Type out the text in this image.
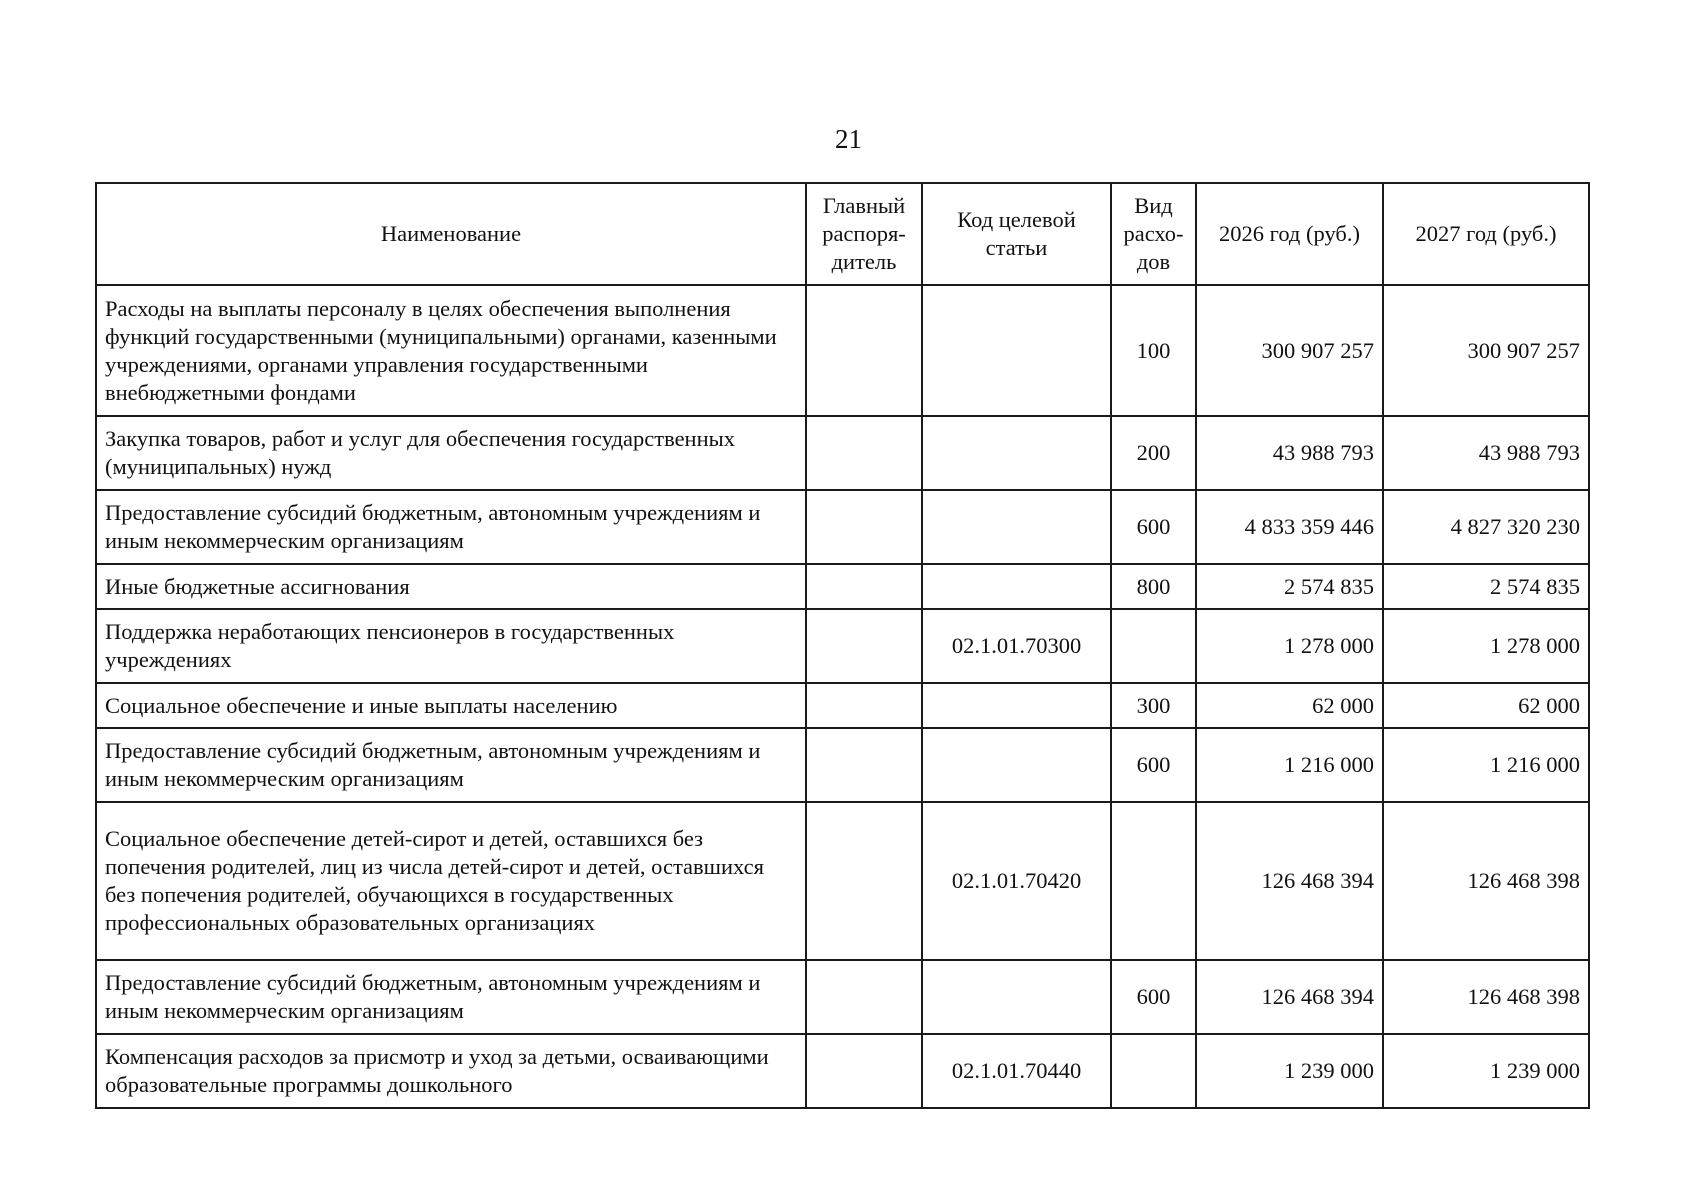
21
Наименование	Главный распоря-дитель	Код целевой статьи	Вид расхо-дов	2026 год (руб.)	2027 год (руб.)
Расходы на выплаты персоналу в целях обеспечения выполнения функций государственными (муниципальными) органами, казенными учреждениями, органами управления государственными внебюджетными фондами			100	300 907 257	300 907 257
Закупка товаров, работ и услуг для обеспечения государственных (муниципальных) нужд			200	43 988 793	43 988 793
Предоставление субсидий бюджетным, автономным учреждениям и иным некоммерческим организациям			600	4 833 359 446	4 827 320 230
Иные бюджетные ассигнования			800	2 574 835	2 574 835
Поддержка неработающих пенсионеров в государственных учреждениях		02.1.01.70300		1 278 000	1 278 000
Социальное обеспечение и иные выплаты населению			300	62 000	62 000
Предоставление субсидий бюджетным, автономным учреждениям и иным некоммерческим организациям			600	1 216 000	1 216 000
Социальное обеспечение детей-сирот и детей, оставшихся без попечения родителей, лиц из числа детей-сирот и детей, оставшихся без попечения родителей, обучающихся в государственных профессиональных образовательных организациях		02.1.01.70420		126 468 394	126 468 398
Предоставление субсидий бюджетным, автономным учреждениям и иным некоммерческим организациям			600	126 468 394	126 468 398
Компенсация расходов за присмотр и уход за детьми, осваивающими образовательные программы дошкольного		02.1.01.70440		1 239 000	1 239 000
